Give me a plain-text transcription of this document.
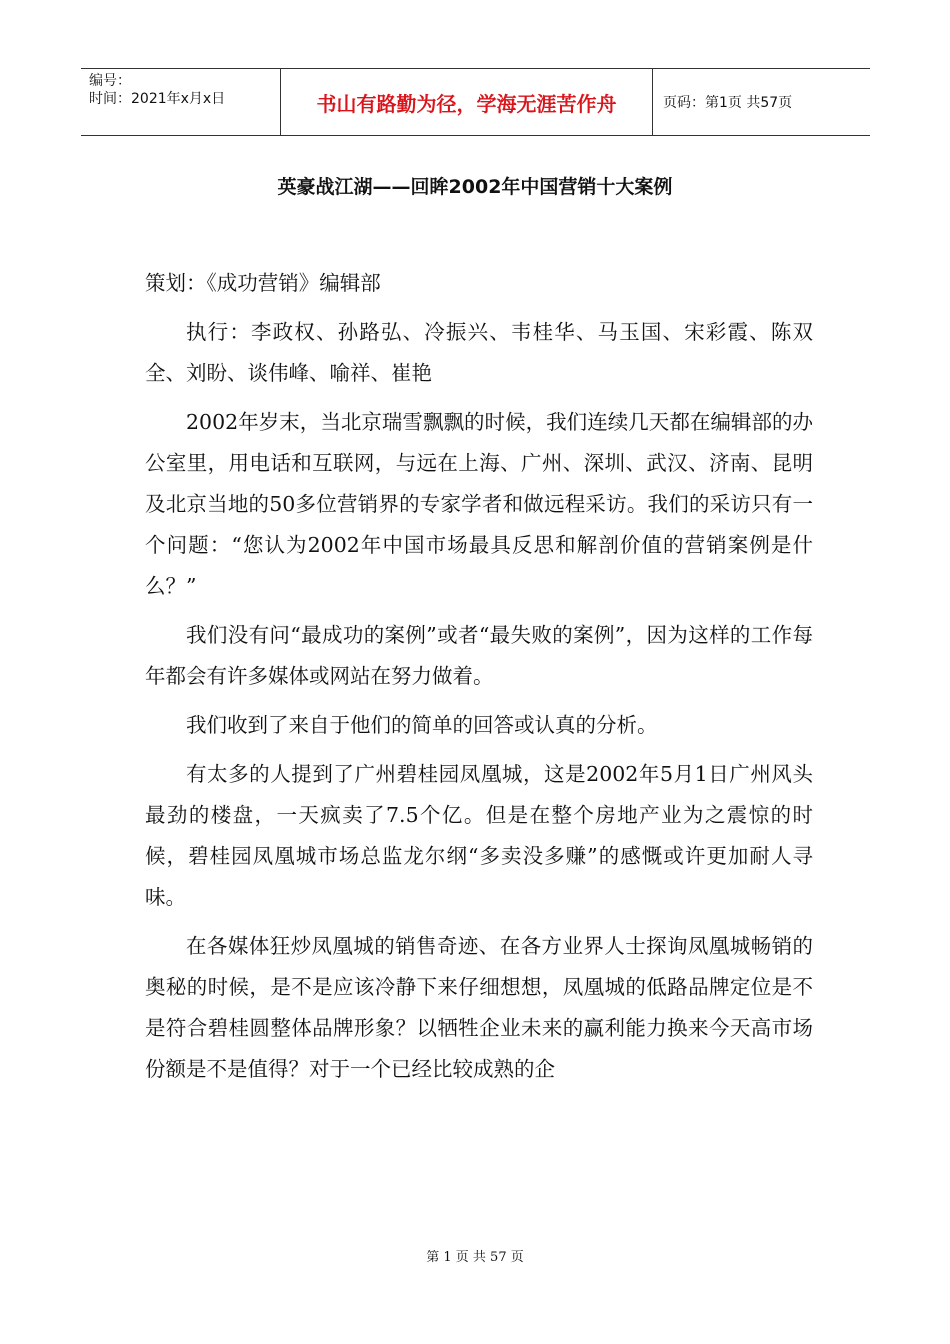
编号：
时间：2021年x月x日	书山有路勤为径，学海无涯苦作舟	页码：第1页 共57页
英豪战江湖——回眸2002年中国营销十大案例

策划：《成功营销》编辑部

执行：李政权、孙路弘、冷振兴、韦桂华、马玉国、宋彩霞、陈双全、刘盼、谈伟峰、喻祥、崔艳

2002年岁末，当北京瑞雪飘飘的时候，我们连续几天都在编辑部的办公室里，用电话和互联网，与远在上海、广州、深圳、武汉、济南、昆明及北京当地的50多位营销界的专家学者和做远程采访。我们的采访只有一个问题：“您认为2002年中国市场最具反思和解剖价值的营销案例是什么？”

我们没有问“最成功的案例”或者“最失败的案例”，因为这样的工作每年都会有许多媒体或网站在努力做着。

我们收到了来自于他们的简单的回答或认真的分析。

有太多的人提到了广州碧桂园凤凰城，这是2002年5月1日广州风头最劲的楼盘，一天疯卖了7.5个亿。但是在整个房地产业为之震惊的时候，碧桂园凤凰城市场总监龙尔纲“多卖没多赚”的感慨或许更加耐人寻味。

在各媒体狂炒凤凰城的销售奇迹、在各方业界人士探询凤凰城畅销的奥秘的时候，是不是应该冷静下来仔细想想，凤凰城的低路品牌定位是不是符合碧桂圆整体品牌形象？以牺牲企业未来的赢利能力换来今天高市场份额是不是值得？对于一个已经比较成熟的企

第 1 页 共 57 页
